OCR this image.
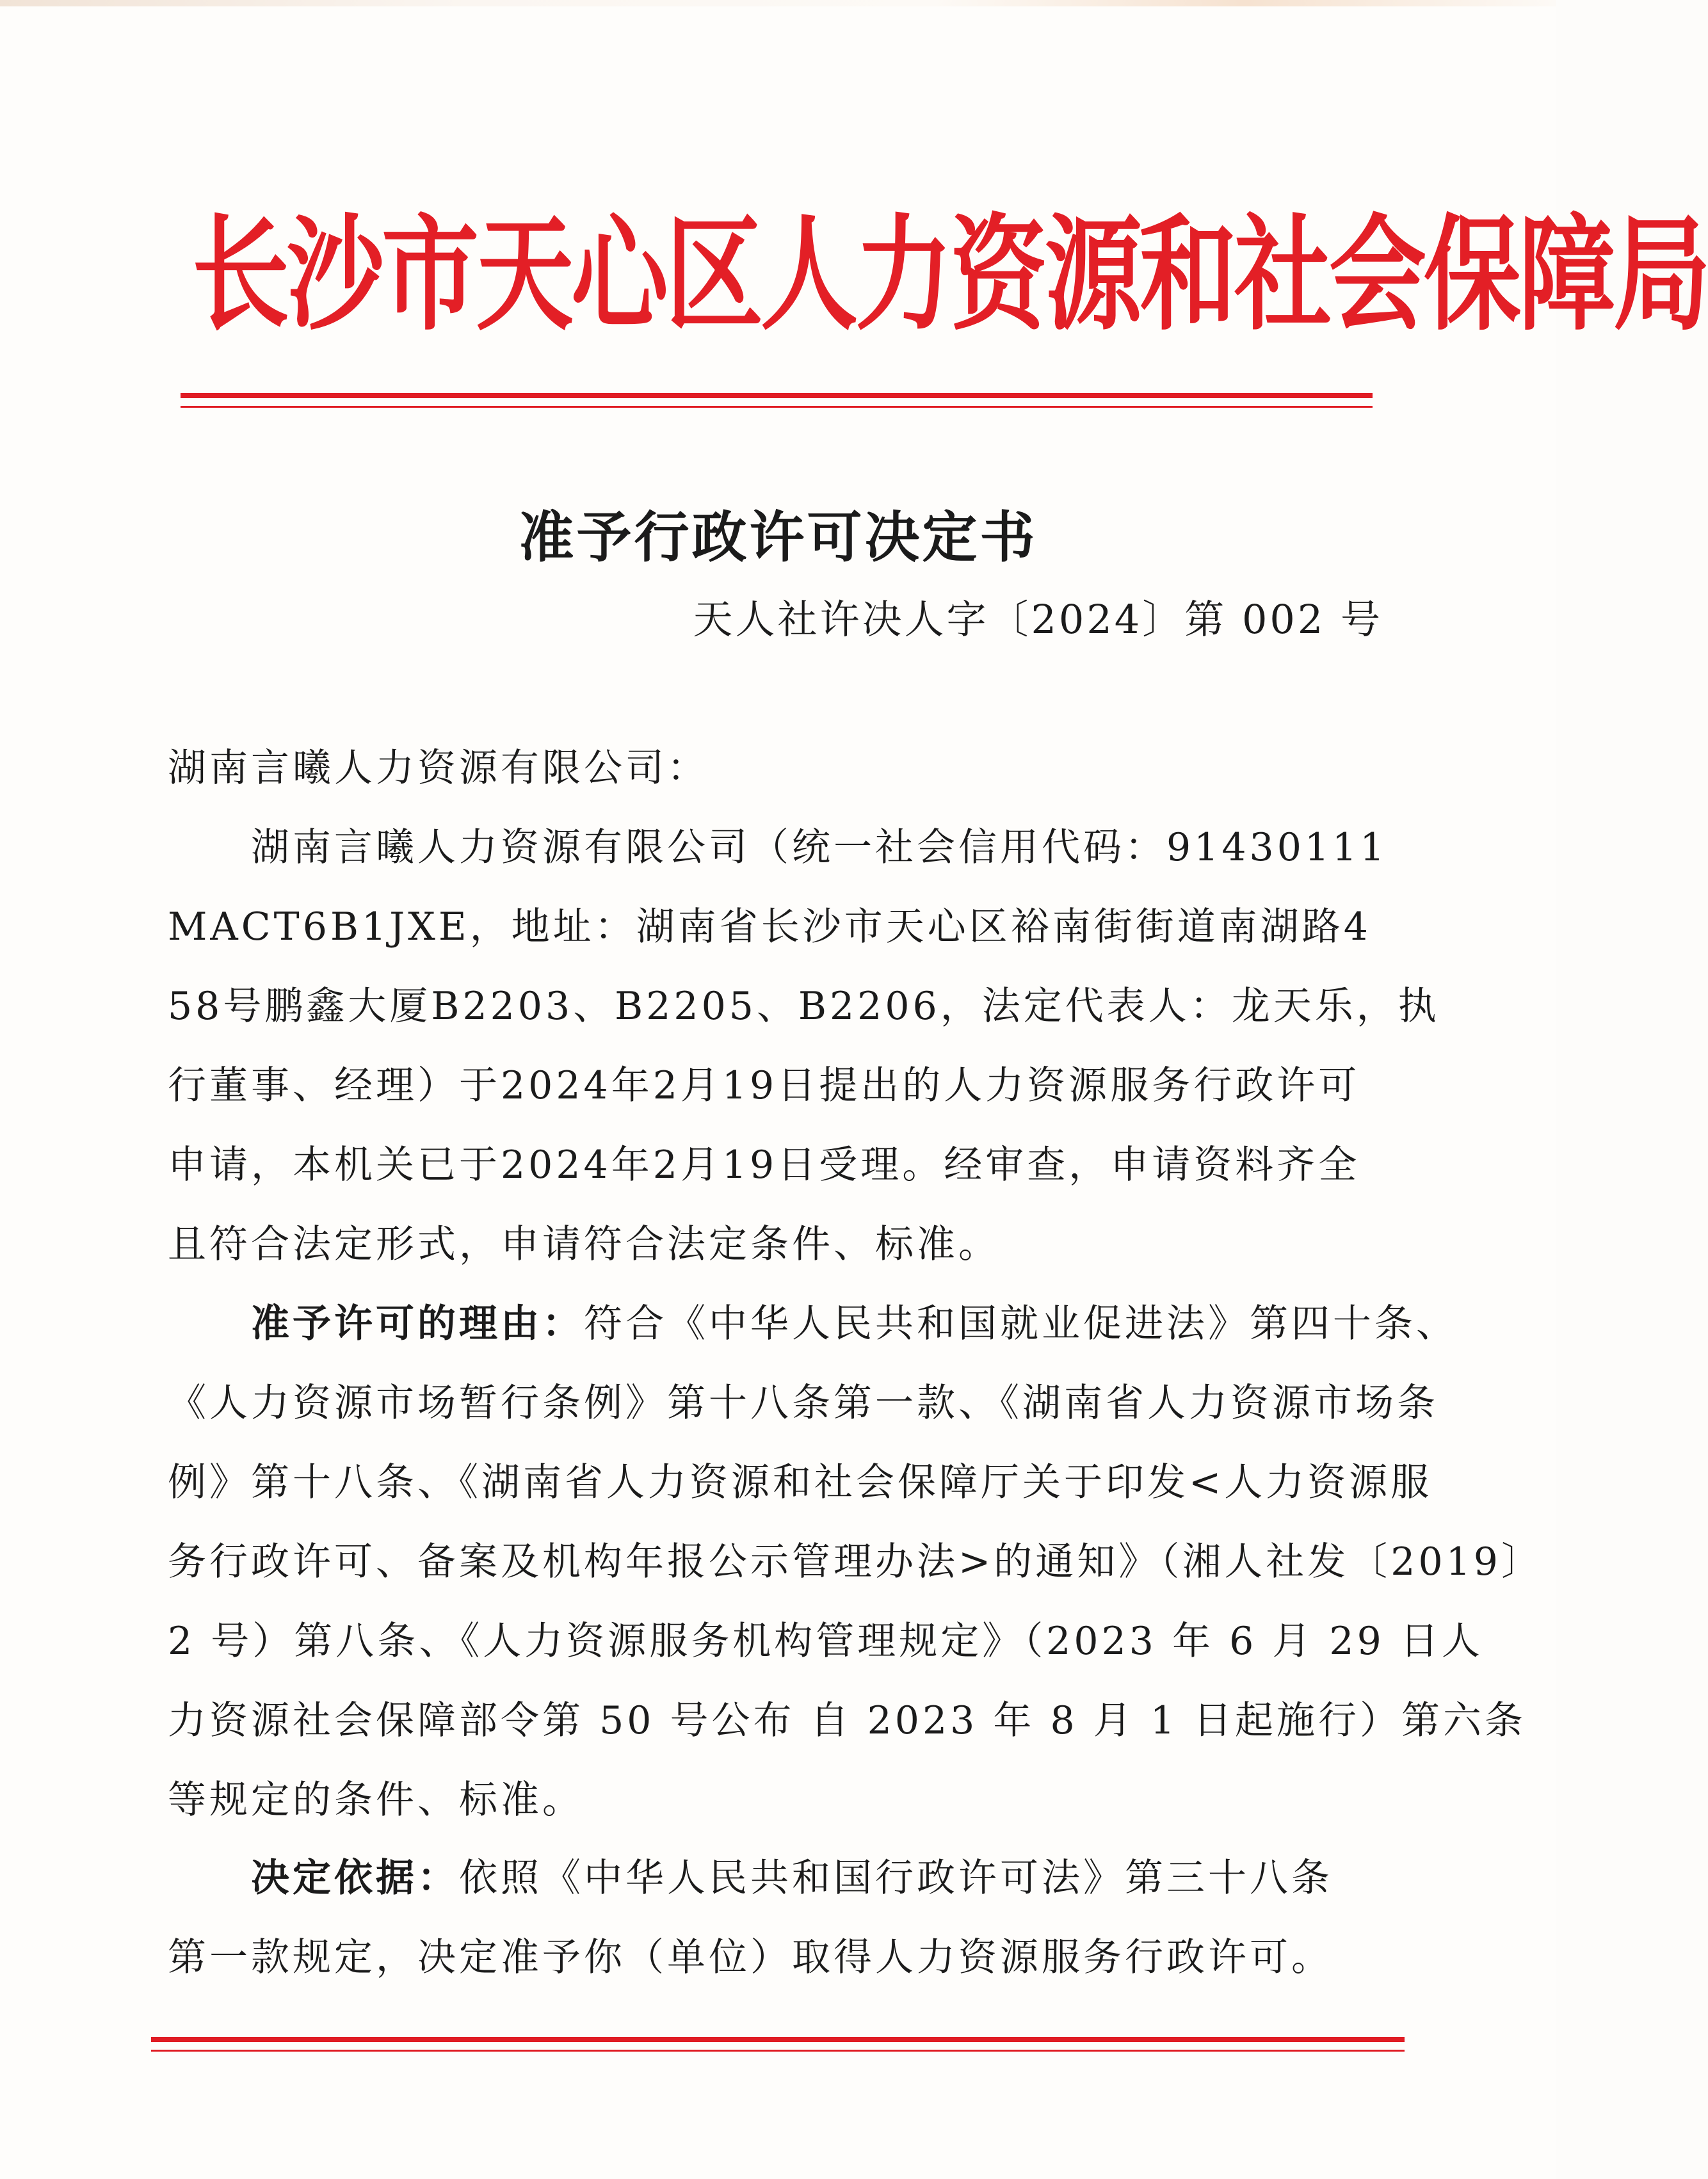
长沙市天心区人力资源和社会保障局
准予行政许可决定书
天人社许决人字〔2024〕第 002 号
湖南言曦人力资源有限公司：
湖南言曦人力资源有限公司（统一社会信用代码：91430111
MACT6B1JXE，地址：湖南省长沙市天心区裕南街街道南湖路4
58号鹏鑫大厦B2203、B2205、B2206，法定代表人：龙天乐，执
行董事、经理）于2024年2月19日提出的人力资源服务行政许可
申请，本机关已于2024年2月19日受理。经审查，申请资料齐全
且符合法定形式，申请符合法定条件、标准。
准予许可的理由：符合《中华人民共和国就业促进法》第四十条、
《人力资源市场暂行条例》第十八条第一款、《湖南省人力资源市场条
例》第十八条、《湖南省人力资源和社会保障厅关于印发<人力资源服
务行政许可、备案及机构年报公示管理办法>的通知》（湘人社发〔2019〕
2 号）第八条、《人力资源服务机构管理规定》（2023 年 6 月 29 日人
力资源社会保障部令第 50 号公布 自 2023 年 8 月 1 日起施行）第六条
等规定的条件、标准。
决定依据：依照《中华人民共和国行政许可法》第三十八条
第一款规定，决定准予你（单位）取得人力资源服务行政许可。
